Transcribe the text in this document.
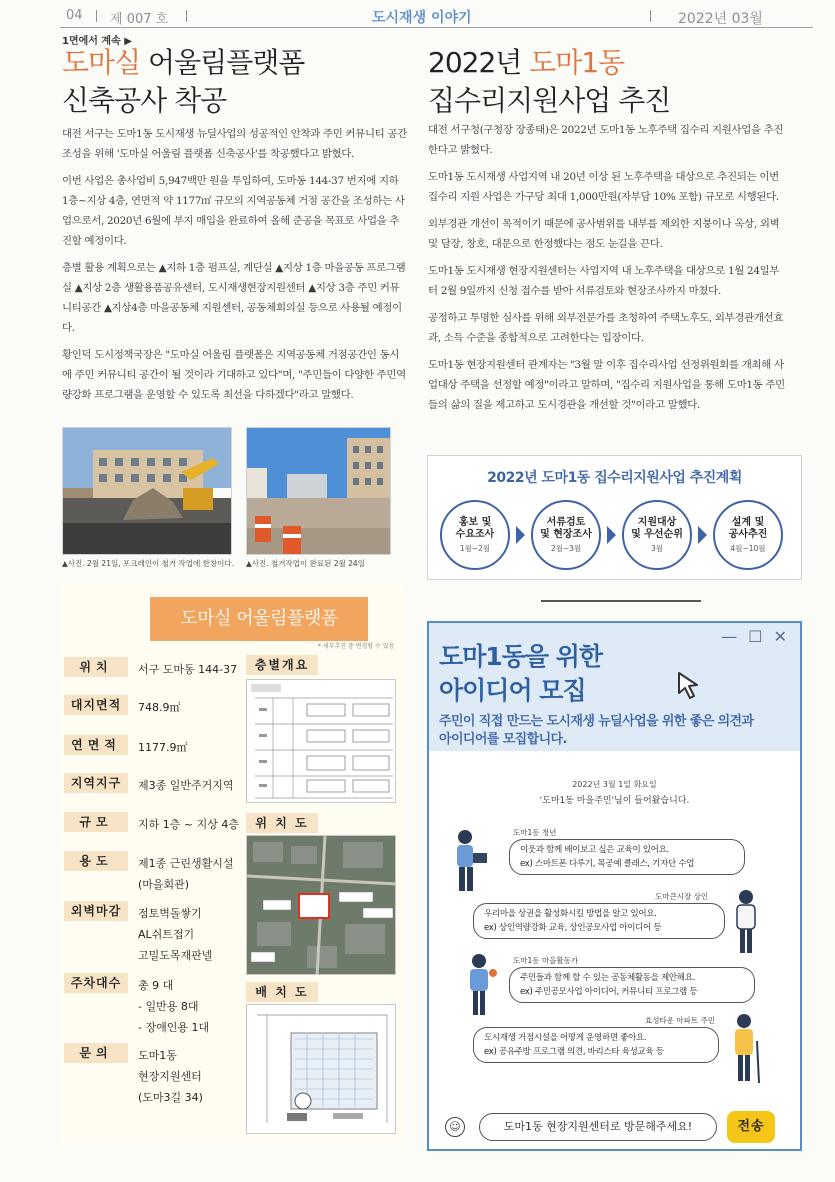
04 제 007 호	도시재생 이야기	2022년 03월
1면에서 계속 ▶
도마실 어울림플랫폼
신축공사 착공

대전 서구는 도마1동 도시재생 뉴딜사업의 성공적인 안착과 주민 커뮤니티 공간 조성을 위해 '도마실 어울림 플랫폼 신축공사'를 착공했다고 밝혔다.

이번 사업은 총사업비 5,947백만 원을 투입하여, 도마동 144-37 번지에 지하 1층~지상 4층, 연면적 약 1177㎡ 규모의 지역공동체 거점 공간을 조성하는 사업으로서, 2020년 6월에 부지 매입을 완료하여 올해 준공을 목표로 사업을 추진할 예정이다.

층별 활용 계획으로는 ▲지하 1층 펌프실, 계단실 ▲지상 1층 마을공동 프로그램실 ▲지상 2층 생활용품공유센터, 도시재생현장지원센터 ▲지상 3층 주민 커뮤니티공간 ▲지상4층 마을공동체 지원센터, 공동체회의실 등으로 사용될 예정이다.

황인덕 도시정책국장은 "도마실 어울림 플랫폼은 지역공동체 거점공간인 동시에 주민 커뮤니티 공간이 될 것이라 기대하고 있다"며, "주민들이 다양한 주민역량강화 프로그램을 운영할 수 있도록 최선을 다하겠다"라고 말했다.

▲사진. 2월 21일, 포크레인이 철거 작업에 한창이다. ▲사진. 철거작업이 완료된 2월 24일
2022년 도마1동
집수리지원사업 추진

대전 서구청(구청장 장종태)은 2022년 도마1동 노후주택 집수리 지원사업을 추진한다고 밝혔다.

도마1동 도시재생 사업지역 내 20년 이상 된 노후주택을 대상으로 추진되는 이번 집수리 지원 사업은 가구당 최대 1,000만원(자부담 10% 포함) 규모로 시행된다.

외부경관 개선이 목적이기 때문에 공사범위를 내부를 제외한 지붕이나 옥상, 외벽 및 담장, 창호, 대문으로 한정했다는 점도 눈길을 끈다.

도마1동 도시재생 현장지원센터는 사업지역 내 노후주택을 대상으로 1월 24일부터 2월 9일까지 신청 접수를 받아 서류검토와 현장조사까지 마쳤다.

공정하고 투명한 심사를 위해 외부전문가를 초청하여 주택노후도, 외부경관개선효과, 소득 수준을 종합적으로 고려한다는 입장이다.

도마1동 현장지원센터 관계자는 "3월 말 이후 집수리사업 선정위원회를 개최해 사업대상 주택을 선정할 예정"이라고 말하며, "집수리 지원사업을 통해 도마1동 주민들의 삶의 질을 제고하고 도시경관을 개선할 것"이라고 말했다.

2022년 도마1동 집수리지원사업 추진계획
홍보 및
수요조사
1월~2월
서류검토
및 현장조사
2월~3월
지원대상
및 우선순위
3월
설계 및
공사추진
4월~10월
도마실 어울림플랫폼
* 세부추진 중 변경될 수 있음
위치	서구 도마동 144-37
대지면적	748.9㎡
연면적	1177.9㎡
지역지구	제3종 일반주거지역
규모	지하 1층 ~ 지상 4층
용도	제1종 근린생활시설
(마을회관)
외벽마감	점토벽돌쌓기
AL쉬트접기
고밀도목재판넬
주차대수	총 9 대
- 일반용 8대
- 장애인용 1대
문의	도마1동
현장지원센터
(도마3길 34)
층별개요
위 치 도
배 치 도
— ☐ ✕
도마1동을 위한
아이디어 모집
주민이 직접 만드는 도시재생 뉴딜사업을 위한 좋은 의견과 아이디어를 모집합니다.
2022년 3월 1일 화요일
'도마1동 마을주민'님이 들어왔습니다.
도마1동 청년
이웃과 함께 배이보고 싶은 교육이 있어요.
ex) 스마트폰 다루기, 목공예 클래스, 기자단 수업
도마큰시장 상인
우리마을 상권을 활성화시킬 방법을 알고 있어요.
ex) 상인역량강화 교육, 상인공모사업 아이디어 등
도마1동 마을활동가
주민들과 함께 할 수 있는 공동체활동을 제안해요.
ex) 주민공모사업 아이디어, 커뮤니티 프로그램 등
효성타운 아파트 주민
도시재생 거점시설을 어떻게 운영하면 좋아요.
ex) 공유주방 프로그램 의견, 바리스타 육성교육 등
☺	도마1동 현장지원센터로 방문해주세요!	전송
